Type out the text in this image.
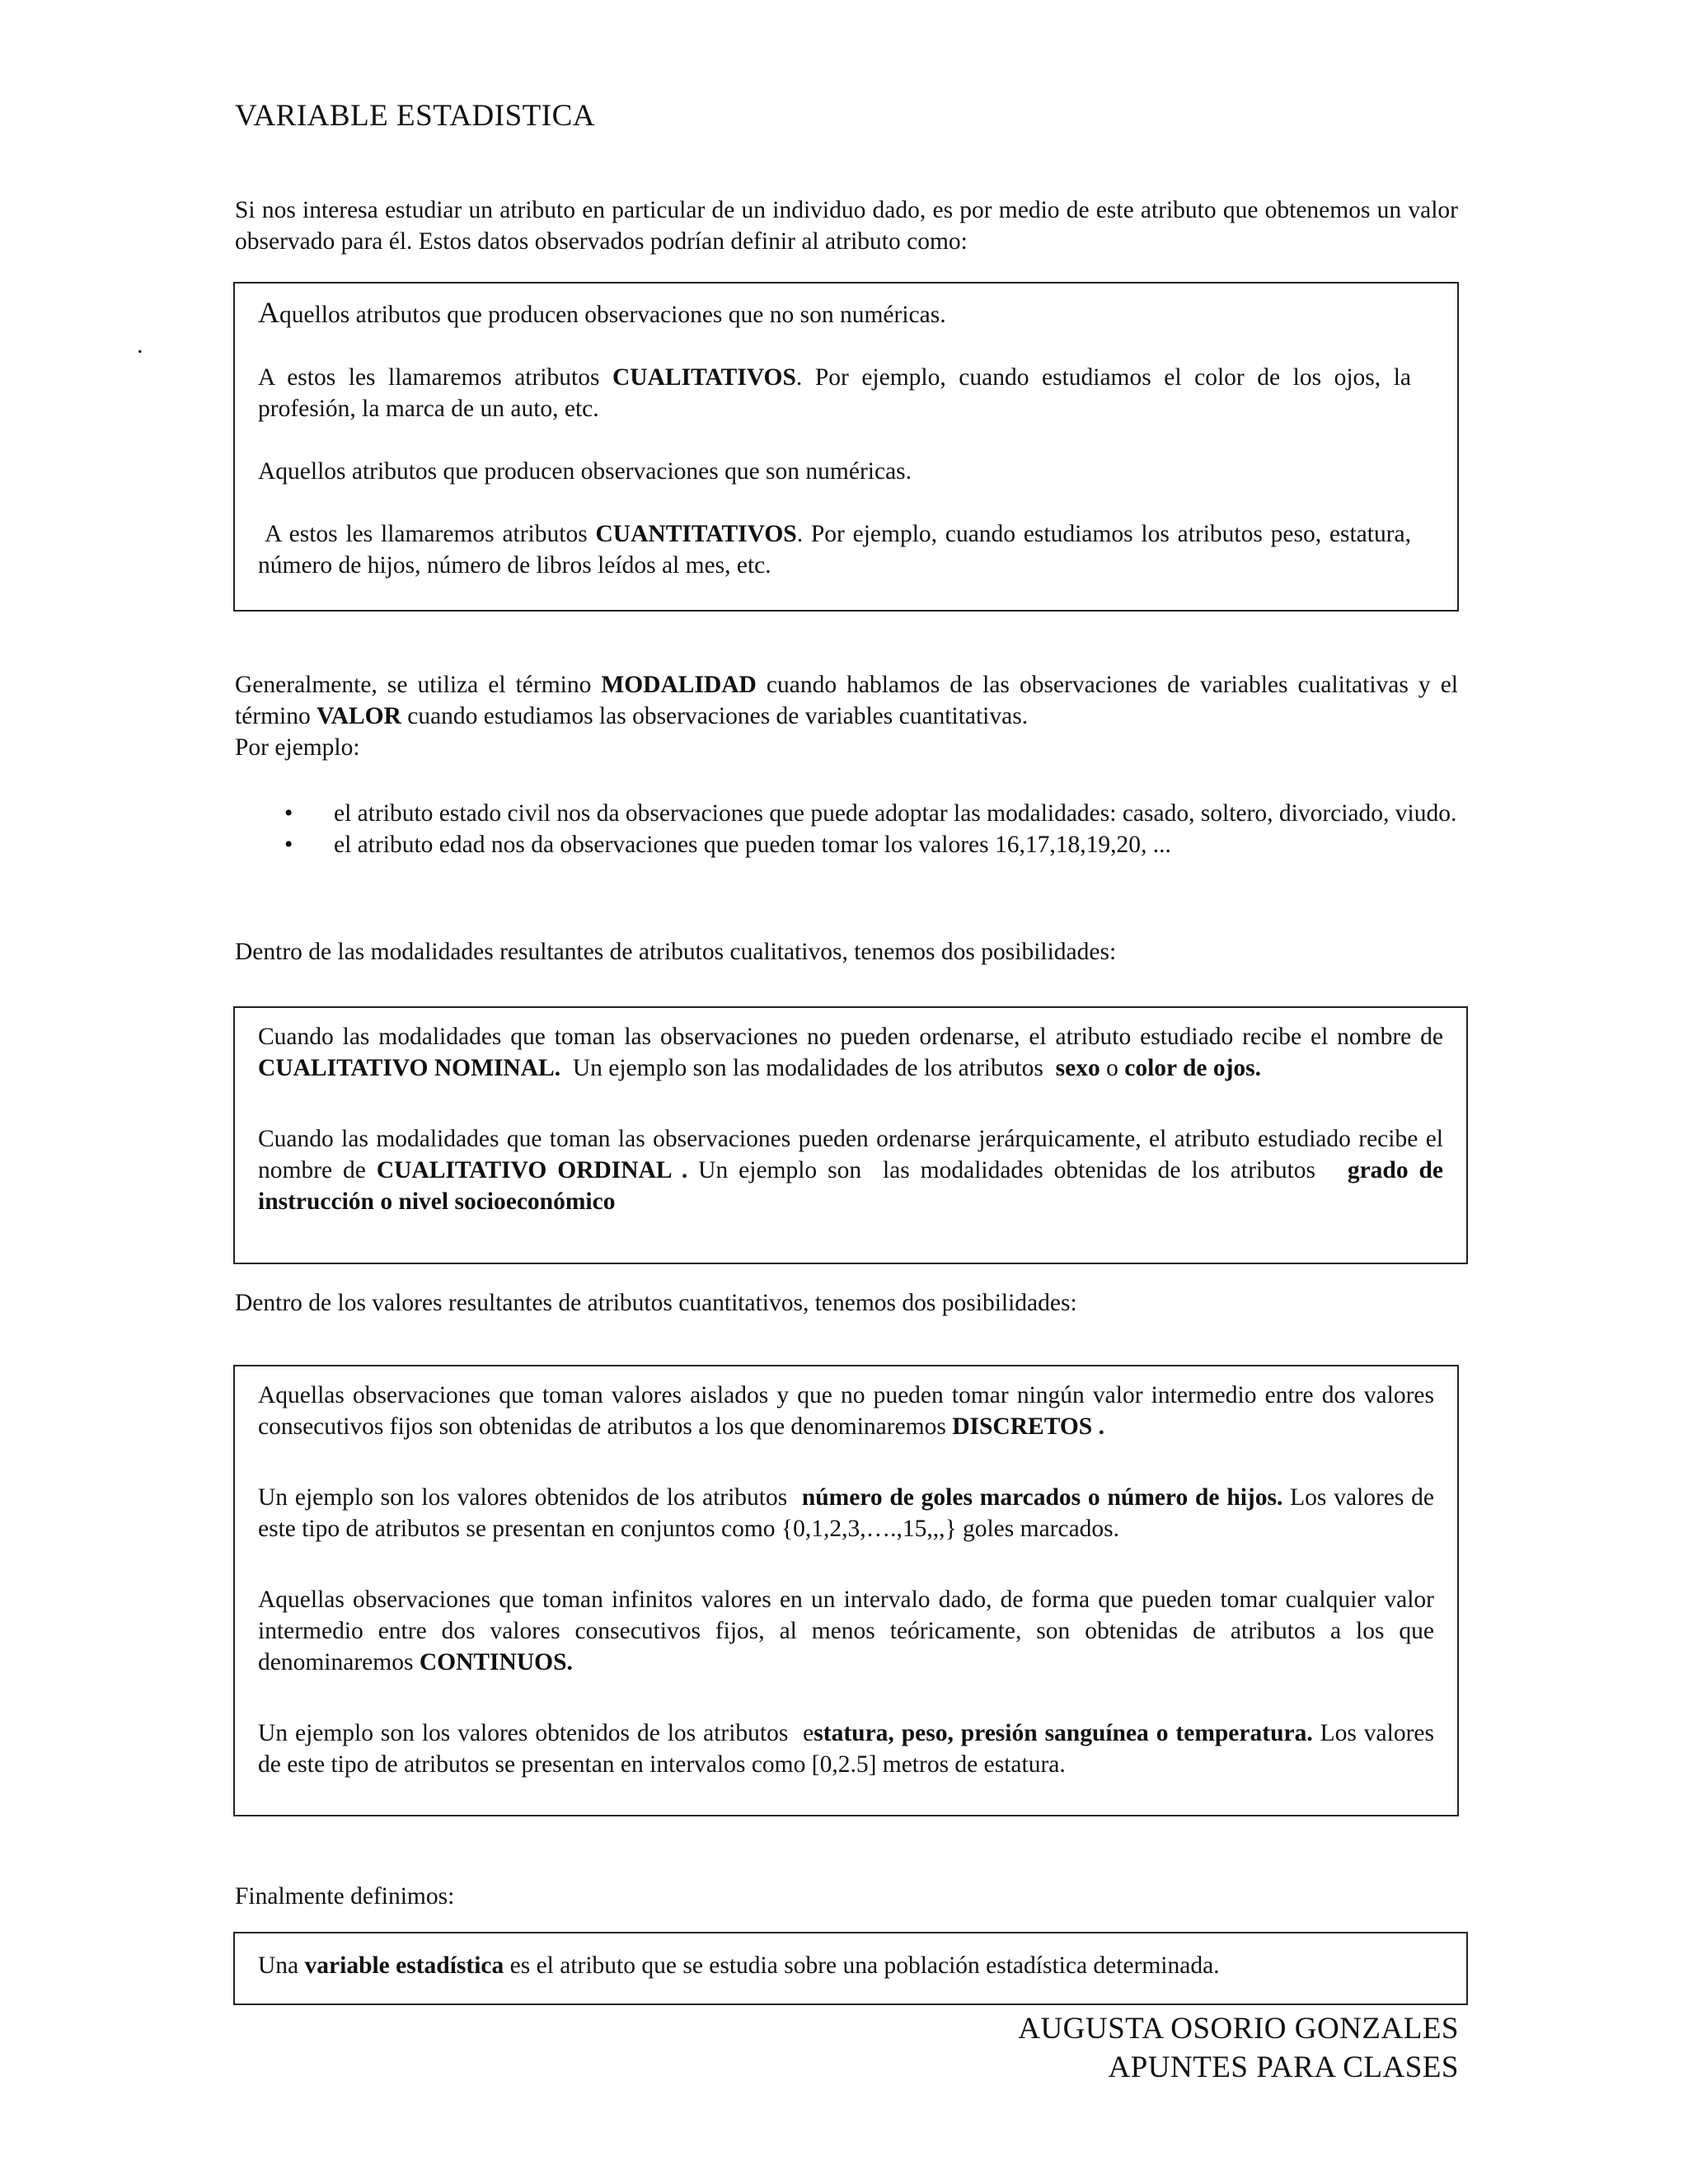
VARIABLE ESTADISTICA
.
Si nos interesa estudiar un atributo en particular de un individuo dado, es por medio de este atributo que obtenemos un valor observado para él. Estos datos observados podrían definir al atributo como:

Aquellos atributos que producen observaciones que no son numéricas.

A estos les llamaremos atributos CUALITATIVOS. Por ejemplo, cuando estudiamos el color de los ojos, la profesión, la marca de un auto, etc.

Aquellos atributos que producen observaciones que son numéricas.

A estos les llamaremos atributos CUANTITATIVOS. Por ejemplo, cuando estudiamos los atributos peso, estatura, número de hijos, número de libros leídos al mes, etc.

Generalmente, se utiliza el término MODALIDAD cuando hablamos de las observaciones de variables cualitativas y el término VALOR cuando estudiamos las observaciones de variables cuantitativas.
Por ejemplo:
• el atributo estado civil nos da observaciones que puede adoptar las modalidades: casado, soltero, divorciado, viudo.
• el atributo edad nos da observaciones que pueden tomar los valores 16,17,18,19,20, ...
Dentro de las modalidades resultantes de atributos cualitativos, tenemos dos posibilidades:

Cuando las modalidades que toman las observaciones no pueden ordenarse, el atributo estudiado recibe el nombre de CUALITATIVO NOMINAL.  Un ejemplo son las modalidades de los atributos  sexo o color de ojos.

Cuando las modalidades que toman las observaciones pueden ordenarse jerárquicamente, el atributo estudiado recibe el nombre de CUALITATIVO ORDINAL . Un ejemplo son  las modalidades obtenidas de los atributos   grado de instrucción o nivel socioeconómico

Dentro de los valores resultantes de atributos cuantitativos, tenemos dos posibilidades:

Aquellas observaciones que toman valores aislados y que no pueden tomar ningún valor intermedio entre dos valores consecutivos fijos son obtenidas de atributos a los que denominaremos DISCRETOS .

Un ejemplo son los valores obtenidos de los atributos  número de goles marcados o número de hijos. Los valores de este tipo de atributos se presentan en conjuntos como {0,1,2,3,….,15,,,} goles marcados.

Aquellas observaciones que toman infinitos valores en un intervalo dado, de forma que pueden tomar cualquier valor intermedio entre dos valores consecutivos fijos, al menos teóricamente, son obtenidas de atributos a los que denominaremos CONTINUOS.

Un ejemplo son los valores obtenidos de los atributos  estatura, peso, presión sanguínea o temperatura. Los valores de este tipo de atributos se presentan en intervalos como [0,2.5] metros de estatura.

Finalmente definimos:

Una variable estadística es el atributo que se estudia sobre una población estadística determinada.

AUGUSTA OSORIO GONZALES
APUNTES PARA CLASES
